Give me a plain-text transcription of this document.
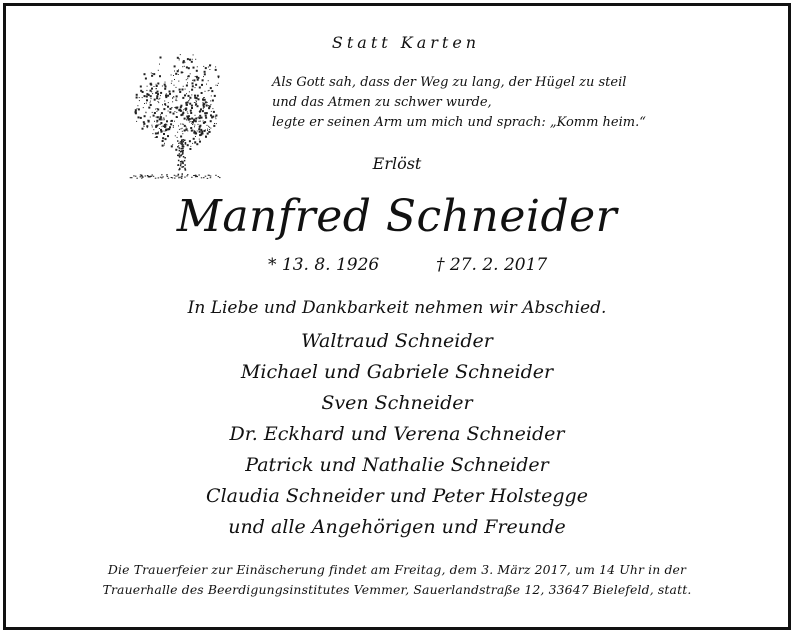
Statt Karten
Als Gott sah, dass der Weg zu lang, der Hügel zu steil
und das Atmen zu schwer wurde,
legte er seinen Arm um mich und sprach: „Komm heim.“
Erlöst
Manfred Schneider
* 13. 8. 1926	† 27. 2. 2017
In Liebe und Dankbarkeit nehmen wir Abschied.
Waltraud Schneider
Michael und Gabriele Schneider
Sven Schneider
Dr. Eckhard und Verena Schneider
Patrick und Nathalie Schneider
Claudia Schneider und Peter Holstegge
und alle Angehörigen und Freunde
Die Trauerfeier zur Einäscherung findet am Freitag, dem 3. März 2017, um 14 Uhr in der
Trauerhalle des Beerdigungsinstitutes Vemmer, Sauerlandstraße 12, 33647 Bielefeld, statt.
